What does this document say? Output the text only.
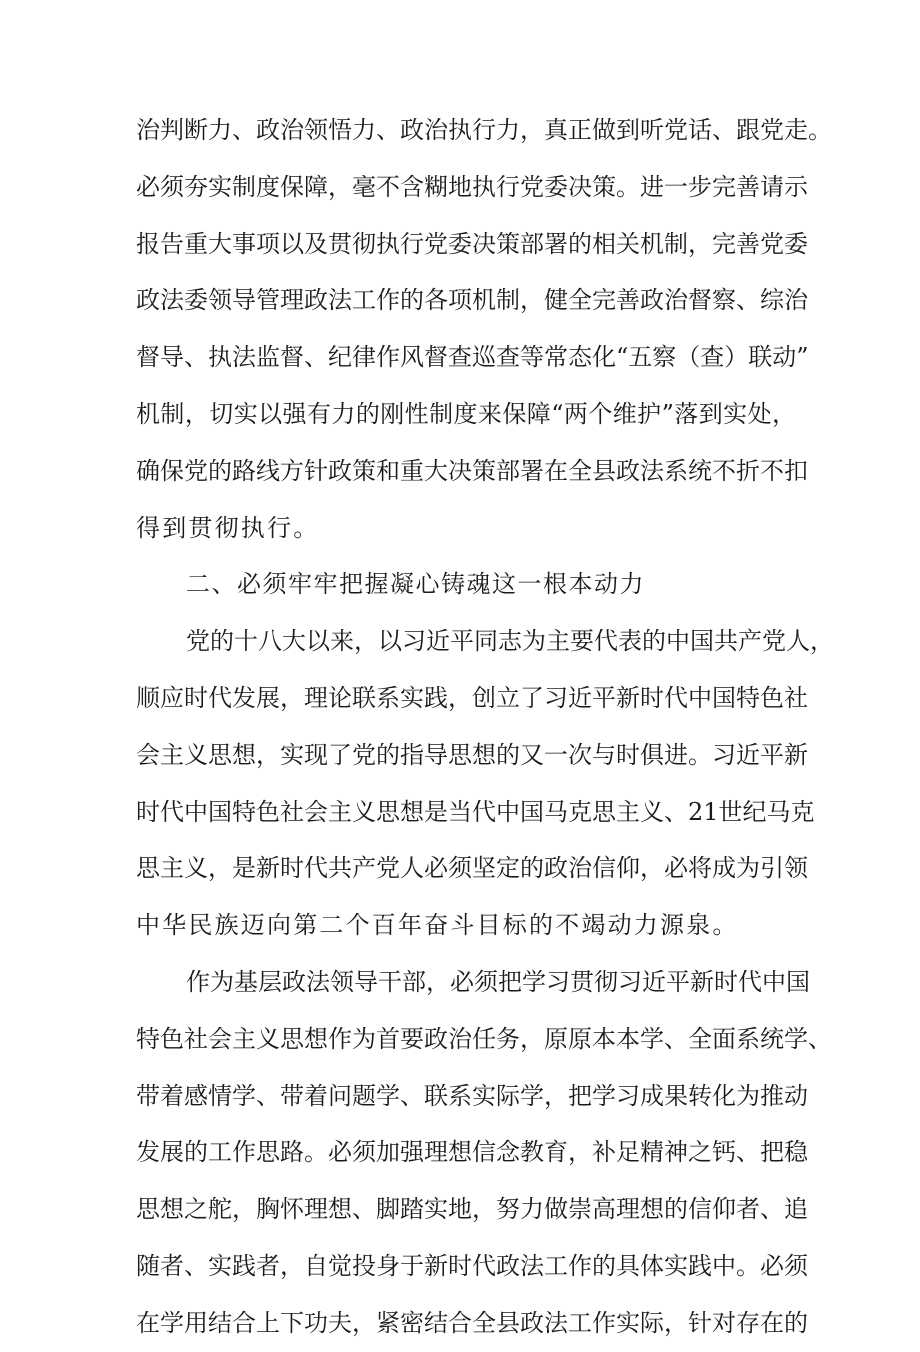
治判断力、政治领悟力、政治执行力，真正做到听党话、跟党走。
必须夯实制度保障，毫不含糊地执行党委决策。进一步完善请示
报告重大事项以及贯彻执行党委决策部署的相关机制，完善党委
政法委领导管理政法工作的各项机制，健全完善政治督察、综治
督导、执法监督、纪律作风督查巡查等常态化“五察（查）联动”
机制，切实以强有力的刚性制度来保障“两个维护”落到实处，
确保党的路线方针政策和重大决策部署在全县政法系统不折不扣
得到贯彻执行。
二、必须牢牢把握凝心铸魂这一根本动力
党的十八大以来，以习近平同志为主要代表的中国共产党人，
顺应时代发展，理论联系实践，创立了习近平新时代中国特色社
会主义思想，实现了党的指导思想的又一次与时俱进。习近平新
时代中国特色社会主义思想是当代中国马克思主义、21世纪马克
思主义，是新时代共产党人必须坚定的政治信仰，必将成为引领
中华民族迈向第二个百年奋斗目标的不竭动力源泉。
作为基层政法领导干部，必须把学习贯彻习近平新时代中国
特色社会主义思想作为首要政治任务，原原本本学、全面系统学、
带着感情学、带着问题学、联系实际学，把学习成果转化为推动
发展的工作思路。必须加强理想信念教育，补足精神之钙、把稳
思想之舵，胸怀理想、脚踏实地，努力做崇高理想的信仰者、追
随者、实践者，自觉投身于新时代政法工作的具体实践中。必须
在学用结合上下功夫，紧密结合全县政法工作实际，针对存在的
